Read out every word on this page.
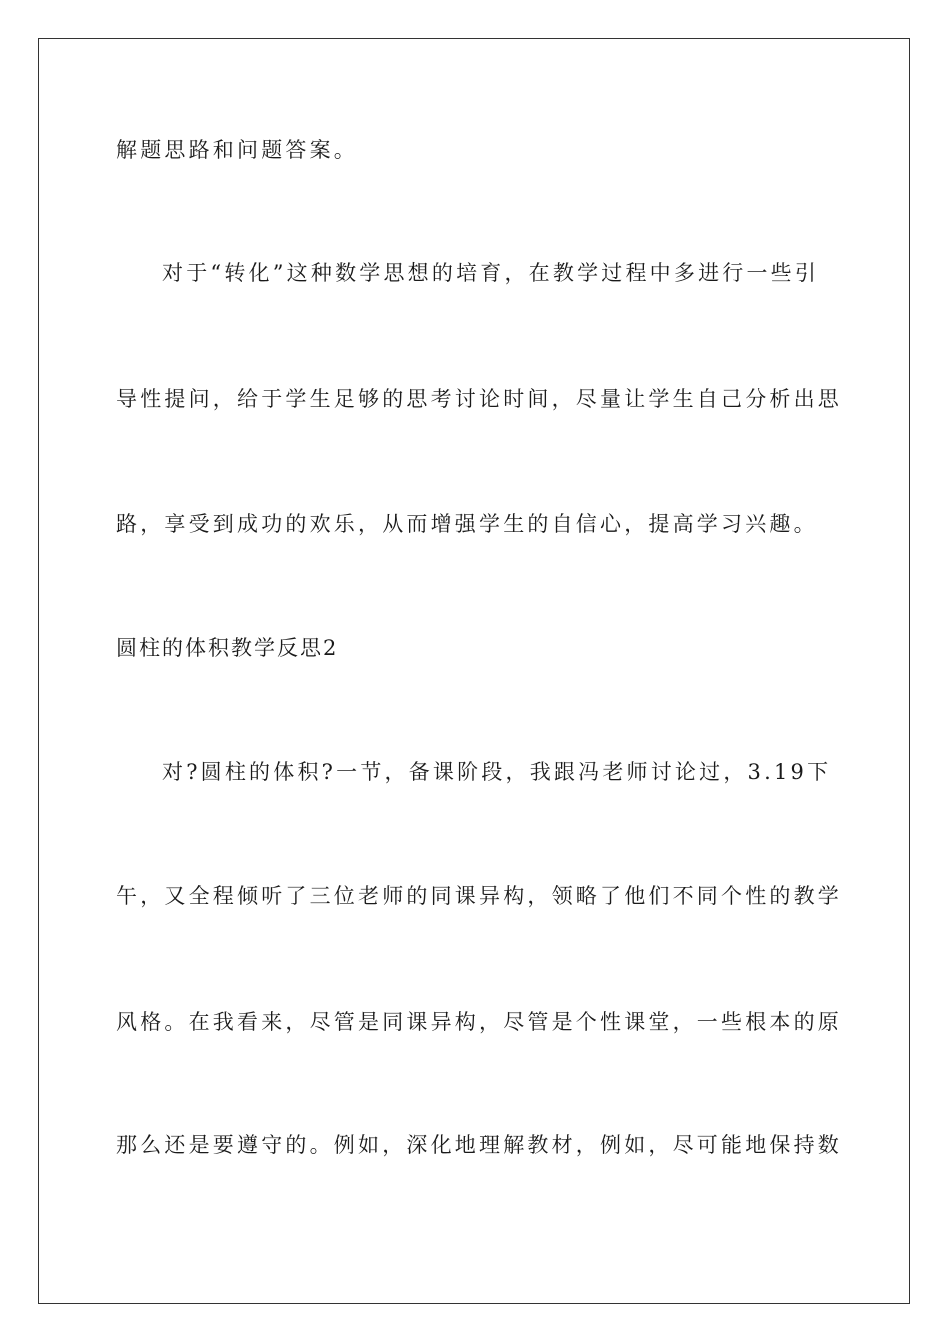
解题思路和问题答案。
对于“转化”这种数学思想的培育，在教学过程中多进行一些引
导性提问，给于学生足够的思考讨论时间，尽量让学生自己分析出思
路，享受到成功的欢乐，从而增强学生的自信心，提高学习兴趣。
圆柱的体积教学反思2
对?圆柱的体积?一节，备课阶段，我跟冯老师讨论过，3.19下
午，又全程倾听了三位老师的同课异构，领略了他们不同个性的教学
风格。在我看来，尽管是同课异构，尽管是个性课堂，一些根本的原
那么还是要遵守的。例如，深化地理解教材，例如，尽可能地保持数
